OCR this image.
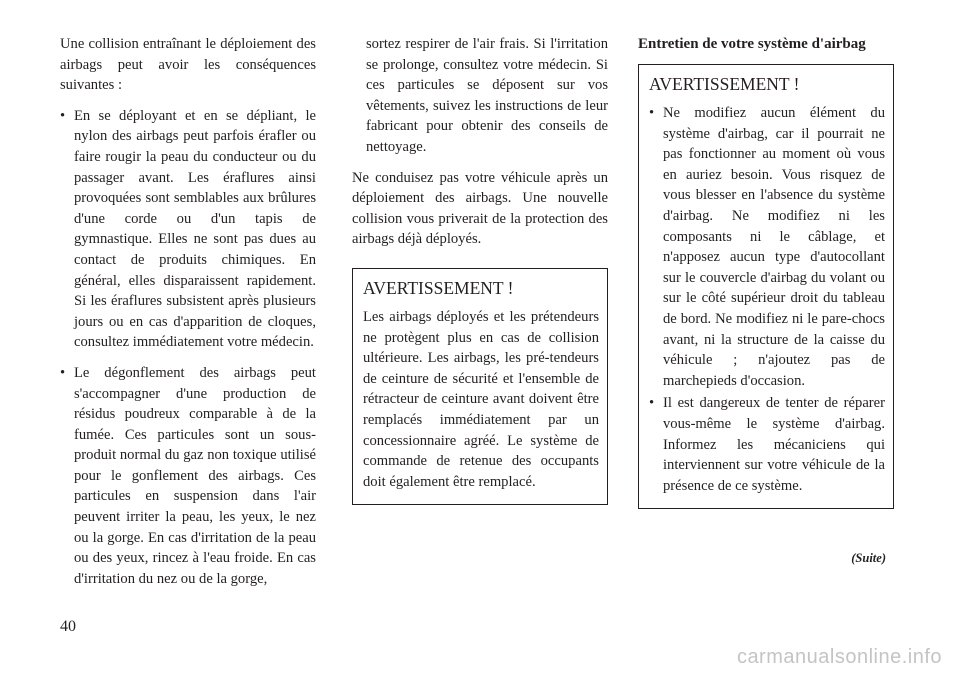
Une collision entraînant le déploiement des airbags peut avoir les conséquences suivantes :

• En se déployant et en se dépliant, le nylon des airbags peut parfois érafler ou faire rougir la peau du conducteur ou du passager avant. Les éraflures ainsi provoquées sont semblables aux brûlures d'une corde ou d'un tapis de gymnastique. Elles ne sont pas dues au contact de produits chimiques. En général, elles disparaissent rapidement. Si les éraflures subsistent après plusieurs jours ou en cas d'apparition de cloques, consultez immédiatement votre médecin.
• Le dégonflement des airbags peut s'accompagner d'une production de résidus poudreux comparable à de la fumée. Ces particules sont un sous-produit normal du gaz non toxique utilisé pour le gonflement des airbags. Ces particules en suspension dans l'air peuvent irriter la peau, les yeux, le nez ou la gorge. En cas d'irritation de la peau ou des yeux, rincez à l'eau froide. En cas d'irritation du nez ou de la gorge,
sortez respirer de l'air frais. Si l'irritation se prolonge, consultez votre médecin. Si ces particules se déposent sur vos vêtements, suivez les instructions de leur fabricant pour obtenir des conseils de nettoyage.

Ne conduisez pas votre véhicule après un déploiement des airbags. Une nouvelle collision vous priverait de la protection des airbags déjà déployés.

AVERTISSEMENT !

Les airbags déployés et les prétendeurs ne protègent plus en cas de collision ultérieure. Les airbags, les pré-tendeurs de ceinture de sécurité et l'ensemble de rétracteur de ceinture avant doivent être remplacés immédiatement par un concessionnaire agréé. Le système de commande de retenue des occupants doit également être remplacé.

Entretien de votre système d'airbag
AVERTISSEMENT !
• Ne modifiez aucun élément du système d'airbag, car il pourrait ne pas fonctionner au moment où vous en auriez besoin. Vous risquez de vous blesser en l'absence du système d'airbag. Ne modifiez ni les composants ni le câblage, et n'apposez aucun type d'autocollant sur le couvercle d'airbag du volant ou sur le côté supérieur droit du tableau de bord. Ne modifiez ni le pare-chocs avant, ni la structure de la caisse du véhicule ; n'ajoutez pas de marchepieds d'occasion.
• Il est dangereux de tenter de réparer vous-même le système d'airbag. Informez les mécaniciens qui interviennent sur votre véhicule de la présence de ce système.
(Suite)
40
carmanualsonline.info
